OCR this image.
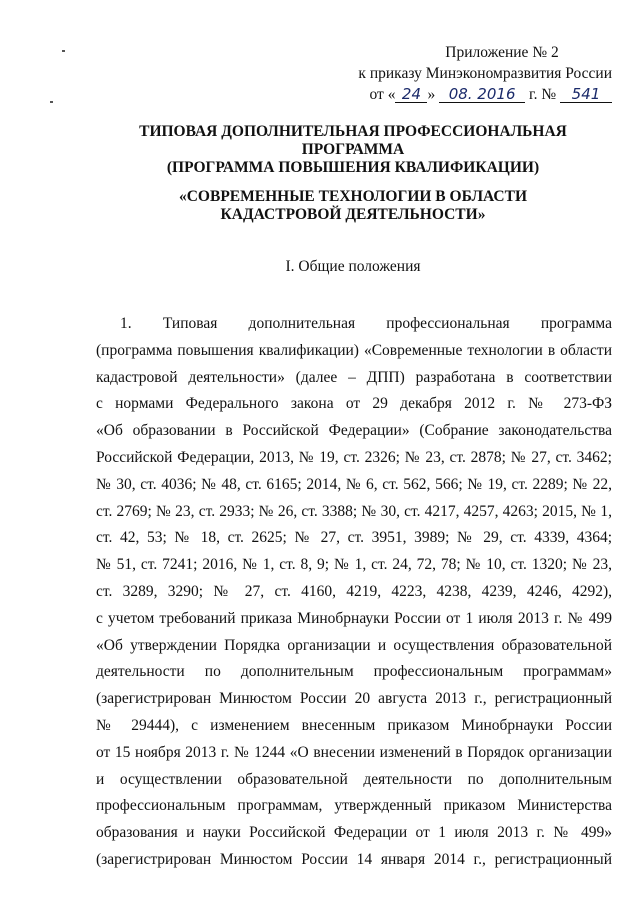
Приложение № 2
к приказу Минэкономразвития России
от « 24 » 08. 2016 г. № 541
ТИПОВАЯ ДОПОЛНИТЕЛЬНАЯ ПРОФЕССИОНАЛЬНАЯ
ПРОГРАММА
(ПРОГРАММА ПОВЫШЕНИЯ КВАЛИФИКАЦИИ)
«СОВРЕМЕННЫЕ ТЕХНОЛОГИИ В ОБЛАСТИ
КАДАСТРОВОЙ ДЕЯТЕЛЬНОСТИ»
I. Общие положения
1. Типовая дополнительная профессиональная программа
(программа повышения квалификации) «Современные технологии в области
кадастровой деятельности» (далее – ДПП) разработана в соответствии
с нормами Федерального закона от 29 декабря 2012 г. № 273-ФЗ
«Об образовании в Российской Федерации» (Собрание законодательства
Российской Федерации, 2013, № 19, ст. 2326; № 23, ст. 2878; № 27, ст. 3462;
№ 30, ст. 4036; № 48, ст. 6165; 2014, № 6, ст. 562, 566; № 19, ст. 2289; № 22,
ст. 2769; № 23, ст. 2933; № 26, ст. 3388; № 30, ст. 4217, 4257, 4263; 2015, № 1,
ст. 42, 53; № 18, ст. 2625; № 27, ст. 3951, 3989; № 29, ст. 4339, 4364;
№ 51, ст. 7241; 2016, № 1, ст. 8, 9; № 1, ст. 24, 72, 78; № 10, ст. 1320; № 23,
ст. 3289, 3290; № 27, ст. 4160, 4219, 4223, 4238, 4239, 4246, 4292),
с учетом требований приказа Минобрнауки России от 1 июля 2013 г. № 499
«Об утверждении Порядка организации и осуществления образовательной
деятельности по дополнительным профессиональным программам»
(зарегистрирован Минюстом России 20 августа 2013 г., регистрационный
№ 29444), с изменением внесенным приказом Минобрнауки России
от 15 ноября 2013 г. № 1244 «О внесении изменений в Порядок организации
и осуществлении образовательной деятельности по дополнительным
профессиональным программам, утвержденный приказом Министерства
образования и науки Российской Федерации от 1 июля 2013 г. № 499»
(зарегистрирован Минюстом России 14 января 2014 г., регистрационный
